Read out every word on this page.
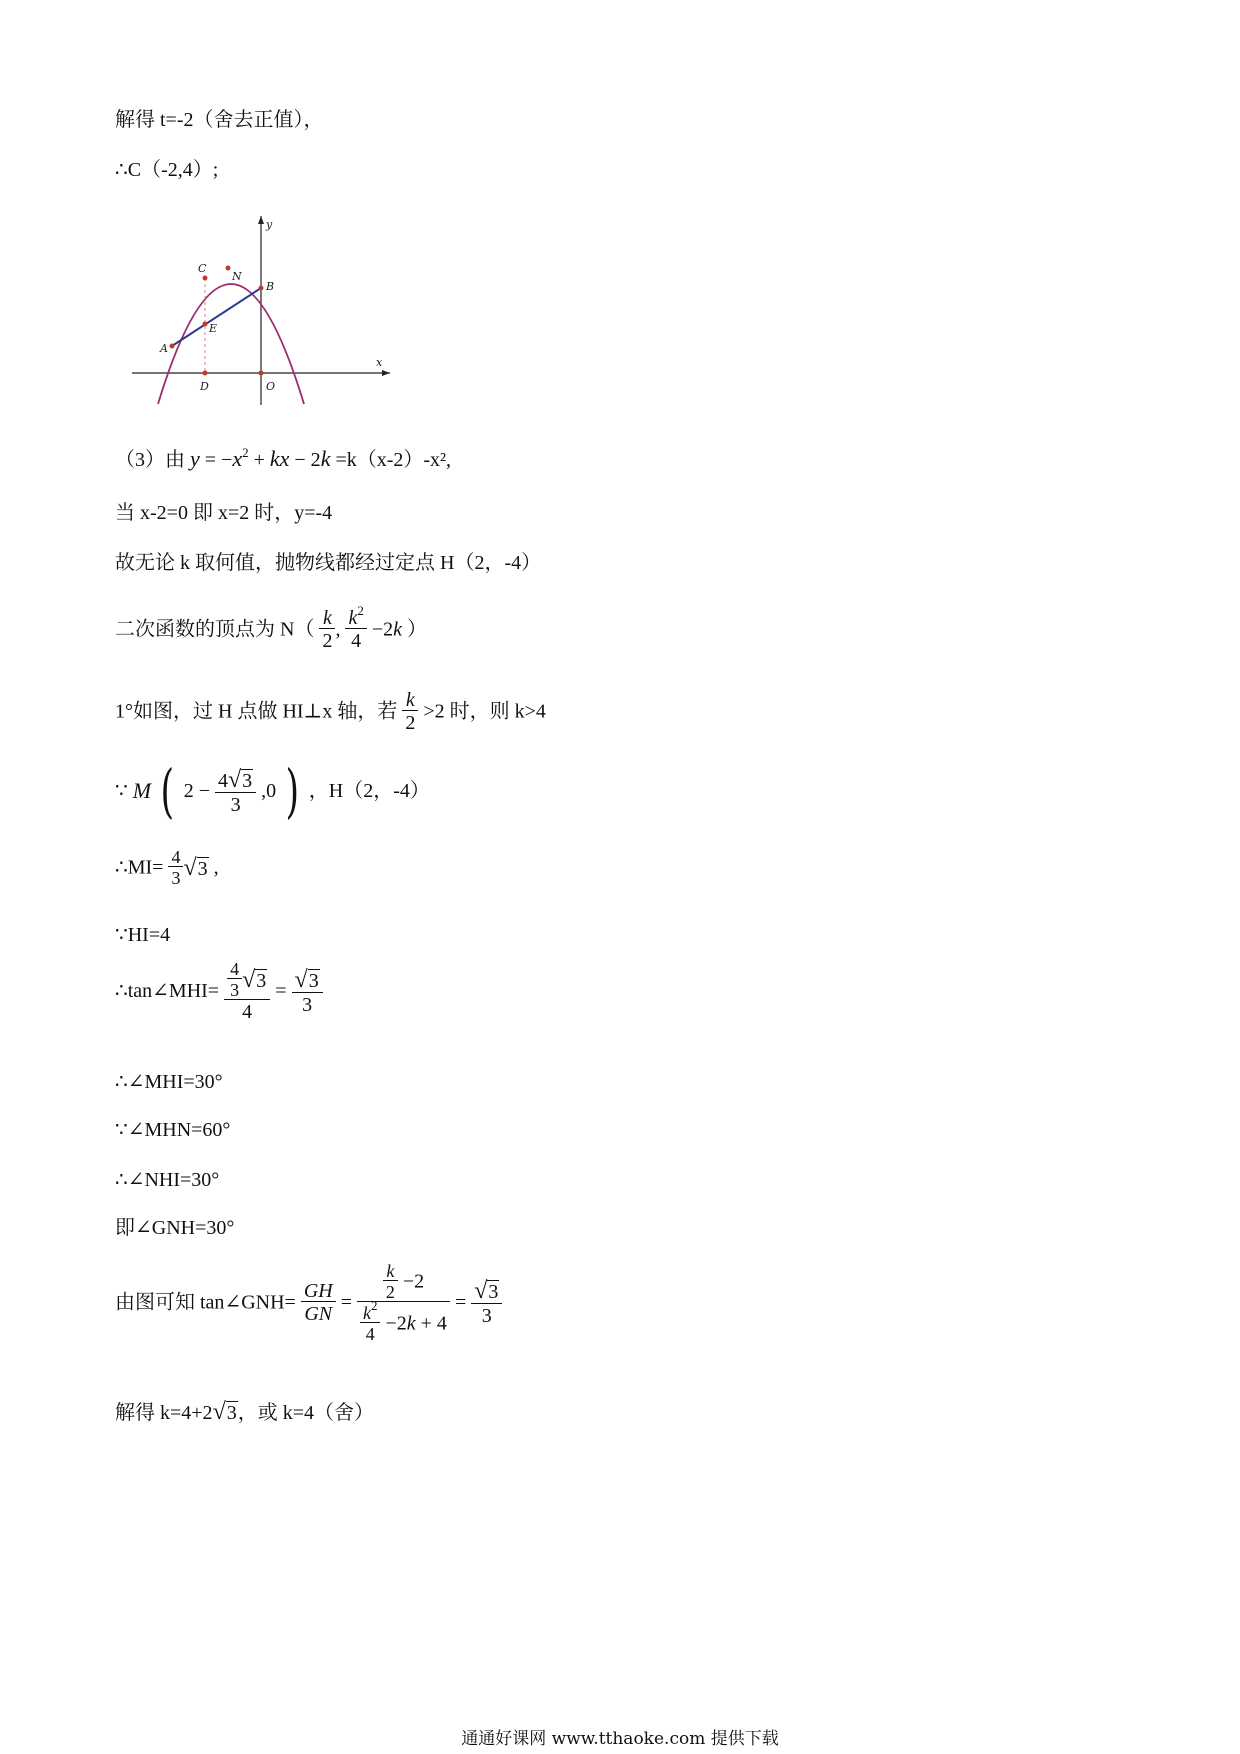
解得 t=-2（舍去正值），
∴C（-2,4）;
y
x
C
N
B
E
A
D	O
（3）由 $y = -x^2$ + kx − 2k =k（x-2）-x²,
当 x-2=0 即 x=2 时，y=-4
故无论 k 取何值，抛物线都经过定点 H（2，-4）
二次函数的顶点为 $N( \frac{k}{2}$ , $\frac{k^2}{4} -2k$ ）
1°如图，过 H 点做 HI⊥x 轴，若 $\frac{k}{2} >2$ 时，则 k>4
∵ M ( $2 - \frac{4√3}{3} ,0$ ) ，H（2，-4）
∴MI= $\frac{4}{3} √3$ ,
∵HI=4
∴tan∠MHI= $\frac{\frac{4}{3} √3}{4} = \frac{√3}{3}$
∴∠MHI=30°
∵∠MHN=60°
∴∠NHI=30°
即∠GNH=30°
由图可知 tan∠GNH= $\frac{GH}{GN} = \frac{\frac{k}{2} -2}{\frac{k^2}{4} -2k + 4} = \frac{√3}{3}$
解得 k=4+2√3，或 k=4（舍）
通通好课网 www.tthaoke.com 提供下载
